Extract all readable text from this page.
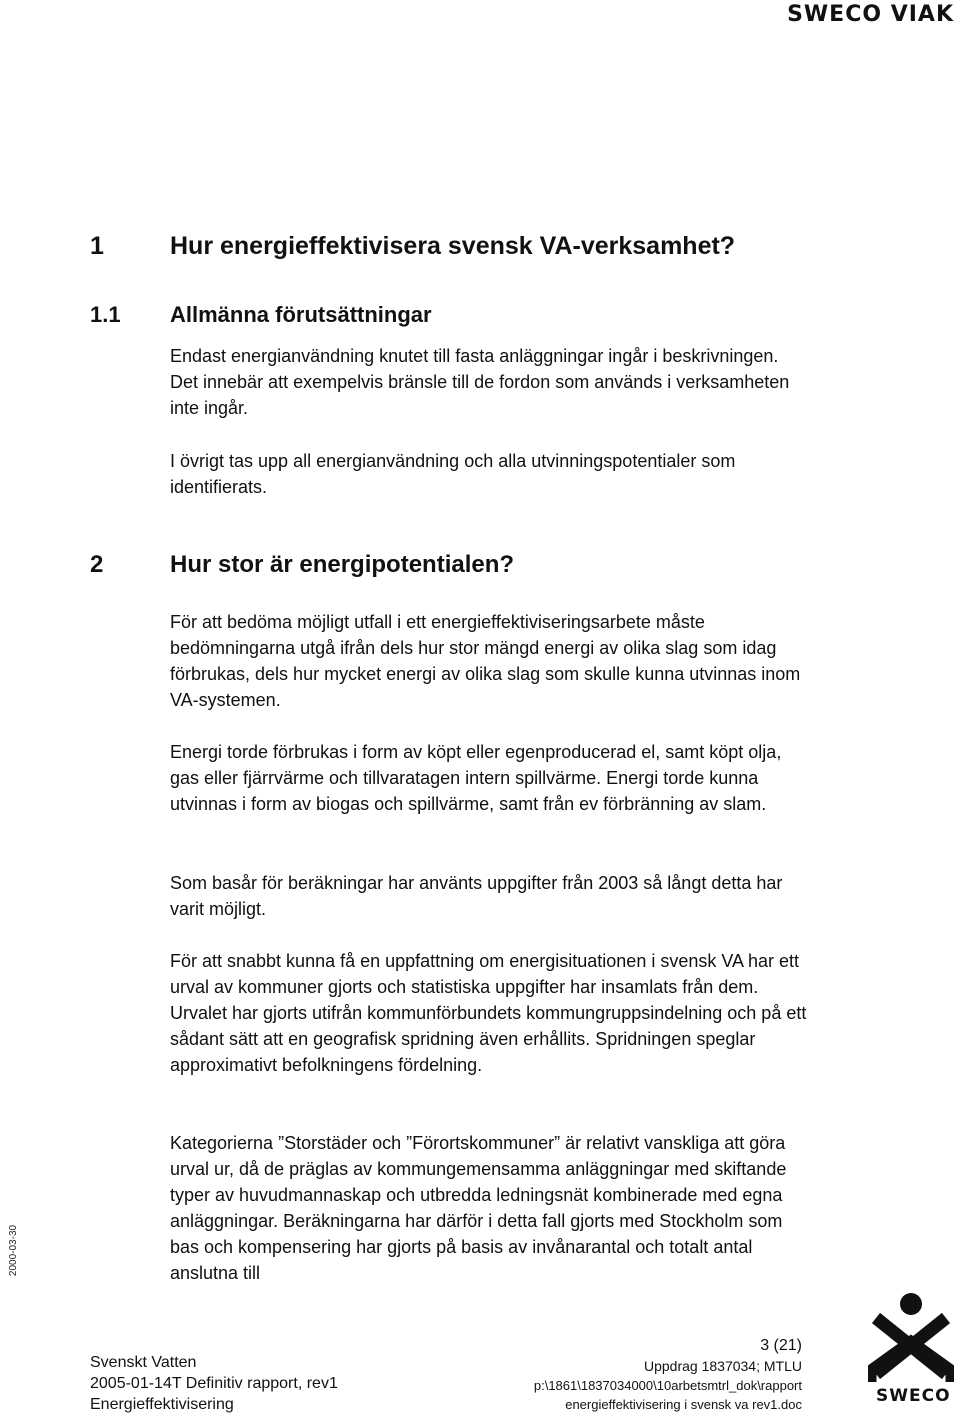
SWECO VIAK
1	Hur energieffektivisera svensk VA-verksamhet?
1.1 Allmänna förutsättningar

Endast energianvändning knutet till fasta anläggningar ingår i beskrivningen. Det innebär att exempelvis bränsle till de fordon som används i verksamheten inte ingår.

I övrigt tas upp all energianvändning och alla utvinningspotentialer som identifierats.

2	Hur stor är energipotentialen?

För att bedöma möjligt utfall i ett energieffektiviseringsarbete måste bedömningarna utgå ifrån dels hur stor mängd energi av olika slag som idag förbrukas, dels hur mycket energi av olika slag som skulle kunna utvinnas inom VA-systemen.

Energi torde förbrukas i form av köpt eller egenproducerad el, samt köpt olja, gas eller fjärrvärme och tillvaratagen intern spillvärme. Energi torde kunna utvinnas i form av biogas och spillvärme, samt från ev förbränning av slam.

Som basår för beräkningar har använts uppgifter från 2003 så långt detta har varit möjligt.

För att snabbt kunna få en uppfattning om energisituationen i svensk VA har ett urval av kommuner gjorts och statistiska uppgifter har insamlats från dem. Urvalet har gjorts utifrån kommunförbundets kommungruppsindelning och på ett sådant sätt att en geografisk spridning även erhållits. Spridningen speglar approximativt befolkningens fördelning.

Kategorierna ”Storstäder och ”Förortskommuner” är relativt vanskliga att göra urval ur, då de präglas av kommungemensamma anläggningar med skiftande typer av huvudmannaskap och utbredda ledningsnät kombinerade med egna anläggningar. Beräkningarna har därför i detta fall gjorts med Stockholm som bas och kompensering har gjorts på basis av invånarantal och totalt antal anslutna till

2000-03-30
Svenskt Vatten
2005-01-14T Definitiv rapport, rev1
Energieffektivisering
3 (21)
Uppdrag 1837034; MTLU
p:\1861\1837034000\10arbetsmtrl_dok\rapport
energieffektivisering i svensk va rev1.doc	SWECO
